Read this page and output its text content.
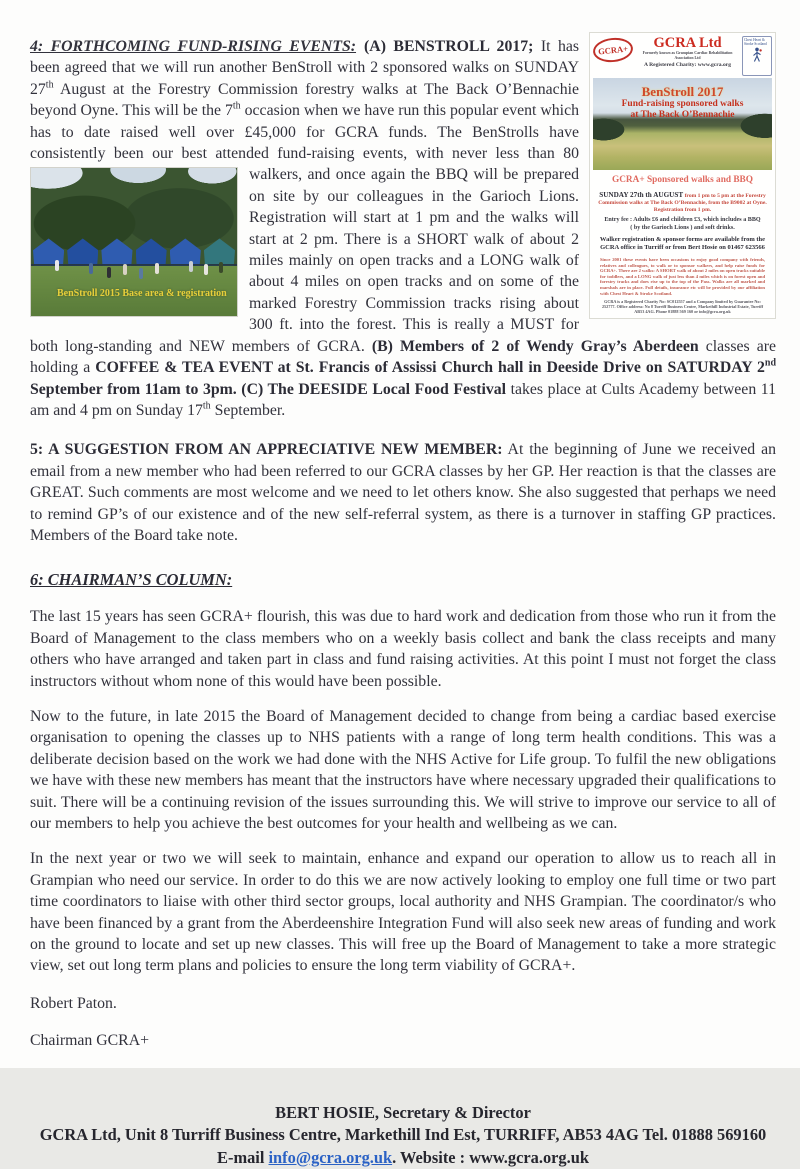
GCRA+	GCRA Ltd
Formerly known as Grampian Cardiac Rehabilitation Association Ltd
A Registered Charity: www.gcra.org
Chest Heart & Stroke Scotland
BenStroll 2017
Fund-raising sponsored walks
at The Back O’Bennachie
GCRA+ Sponsored walks and BBQ
SUNDAY 27th th AUGUST from 1 pm to 5 pm at the Forestry
Commission walks at The Back O’Bennachie, from the B9002 at Oyne.
Registration from 1 pm.
Entry fee : Adults £6 and children £3, which includes a BBQ
( by the Garioch Lions ) and soft drinks.
Walker registration & sponsor forms are available from the
GCRA office in Turriff or from Bert Hosie on 01467 623566
Since 2001 these events have been occasions to enjoy good company with friends, relatives and colleagues, to walk or to sponsor walkers, and help raise funds for GCRA+. There are 2 walks: A SHORT walk of about 2 miles on open tracks suitable for toddlers, and a LONG walk of just less than 4 miles which is on forest open and forestry tracks and does rise up to the top of the Pass. Walks are all marked and marshals are in place. Full details, insurance etc will be provided by our affiliation with Chest Heart & Stroke Scotland.
GCRA is a Registered Charity No: SC012557 and a Company limited by Guarantee No: 252777. Office address: No 8 Turriff Business Centre, Markethill Industrial Estate, Turriff AB53 4AG. Phone 01888 569 160 or info@gcra.org.uk

4: FORTHCOMING FUND-RISING EVENTS: (A) BENSTROLL 2017; It has been agreed that we will run another BenStroll with 2 sponsored walks on SUNDAY 27th August at the Forestry Commission forestry walks at The Back O’Bennachie beyond Oyne. This will be the 7th occasion when we have run this popular event which has to date raised well over £45,000 for GCRA funds. The BenStrolls have consistently been our best attended fund-raising events, with never less than 80
BenStroll 2015 Base area & registration
walkers, and once again the BBQ will be prepared on site by our colleagues in the Garioch Lions. Registration will start at 1 pm and the walks will start at 2 pm. There is a SHORT walk of about 2 miles mainly on open tracks and a LONG walk of about 4 miles on open tracks and on some of the marked Forestry Commission tracks rising about 300 ft. into the forest. This is really a MUST for both long-standing and NEW members of GCRA. (B) Members of 2 of Wendy Gray’s Aberdeen classes are holding a COFFEE & TEA EVENT at St. Francis of Assissi Church hall in Deeside Drive on SATURDAY 2nd September from 11am to 3pm. (C) The DEESIDE Local Food Festival takes place at Cults Academy between 11 am and 4 pm on Sunday 17th September.

5: A SUGGESTION FROM AN APPRECIATIVE NEW MEMBER: At the beginning of June we received an email from a new member who had been referred to our GCRA classes by her GP. Her reaction is that the classes are GREAT. Such comments are most welcome and we need to let others know. She also suggested that perhaps we need to remind GP’s of our existence and of the new self-referral system, as there is a turnover in staffing GP practices. Members of the Board take note.

6: CHAIRMAN’S COLUMN:

The last 15 years has seen GCRA+ flourish, this was due to hard work and dedication from those who run it from the Board of Management to the class members who on a weekly basis collect and bank the class receipts and many others who have arranged and taken part in class and fund raising activities. At this point I must not forget the class instructors without whom none of this would have been possible.

Now to the future, in late 2015 the Board of Management decided to change from being a cardiac based exercise organisation to opening the classes up to NHS patients with a range of long term health conditions. This was a deliberate decision based on the work we had done with the NHS Active for Life group. To fulfil the new obligations we have with these new members has meant that the instructors have where necessary upgraded their qualifications to suit. There will be a continuing revision of the issues surrounding this. We will strive to improve our service to all of our members to help you achieve the best outcomes for your health and wellbeing as we can.

In the next year or two we will seek to maintain, enhance and expand our operation to allow us to reach all in Grampian who need our service. In order to do this we are now actively looking to employ one full time or two part time coordinators to liaise with other third sector groups, local authority and NHS Grampian. The coordinator/s who have been financed by a grant from the Aberdeenshire Integration Fund will also seek new areas of funding and work on the ground to locate and set up new classes. This will free up the Board of Management to take a more strategic view, set out long term plans and policies to ensure the long term viability of GCRA+.

Robert Paton.

Chairman GCRA+

BERT HOSIE, Secretary & Director
GCRA Ltd, Unit 8 Turriff Business Centre, Markethill Ind Est, TURRIFF, AB53 4AG Tel. 01888 569160
E-mail info@gcra.org.uk. Website : www.gcra.org.uk
